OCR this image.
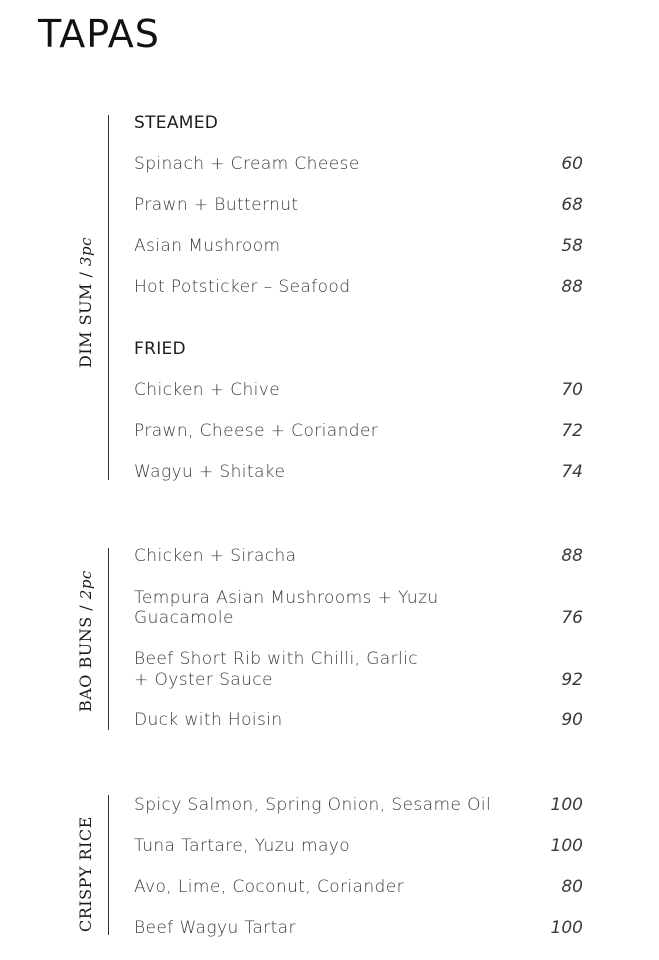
TAPAS
DIM SUM / 3pc
STEAMED
Spinach + Cream Cheese	60
Prawn + Butternut	68
Asian Mushroom	58
Hot Potsticker – Seafood	88
FRIED
Chicken + Chive	70
Prawn, Cheese + Coriander	72
Wagyu + Shitake	74
BAO BUNS / 2pc
Chicken + Siracha	88
Tempura Asian Mushrooms + Yuzu
Guacamole	76
Beef Short Rib with Chilli, Garlic
+ Oyster Sauce	92
Duck with Hoisin	90
CRISPY RICE
Spicy Salmon, Spring Onion, Sesame Oil	100
Tuna Tartare, Yuzu mayo	100
Avo, Lime, Coconut, Coriander	80
Beef Wagyu Tartar	100
